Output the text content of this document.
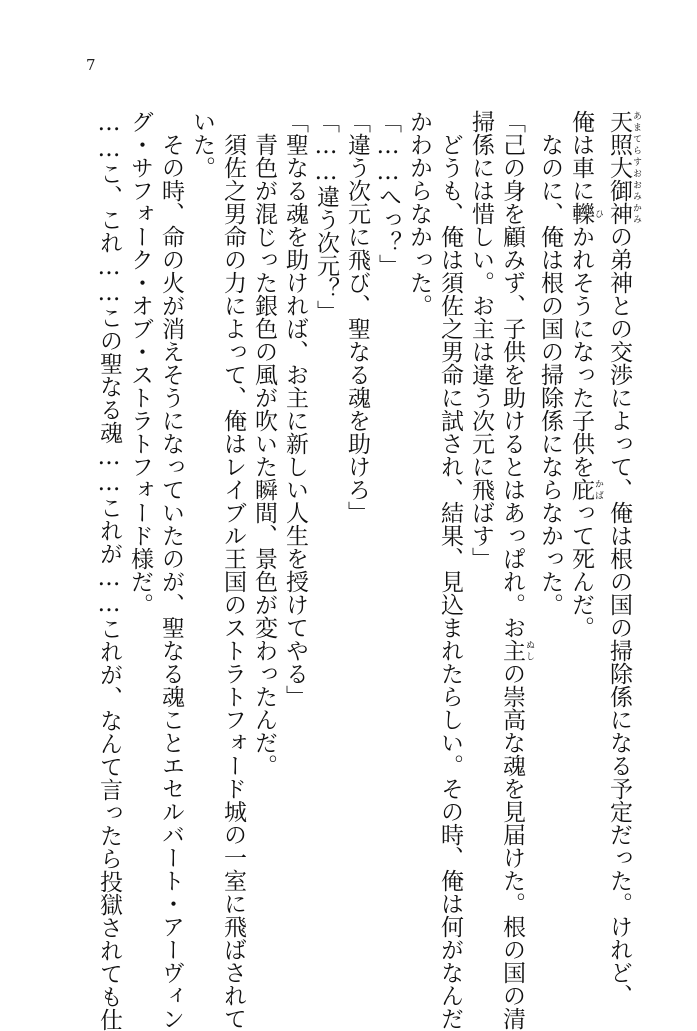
7

天照大御神 あまてらすおおみかみの弟神との交渉によって、俺は根の国の掃除係になる予定だった。けれど、

俺は車に轢 ひかれそうになった子供を庇 かばって死んだ。

　なのに、俺は根の国の掃除係にならなかった。

「己の身を顧みず、子供を助けるとはあっぱれ。お主 ぬしの崇高な魂を見届けた。根の国の清

掃係には惜しい。お主は違う次元に飛ばす」

　どうも、俺は須佐之男命に試され、結果、見込まれたらしい。その時、俺は何がなんだ

かわからなかった。

「……へっ？」

「違う次元に飛び、聖なる魂を助けろ」

「……違う次元？」

「聖なる魂を助ければ、お主に新しい人生を授けてやる」

　青色が混じった銀色の風が吹いた瞬間、景色が変わったんだ。

　須佐之男命の力によって、俺はレイブル王国のストラトフォード城の一室に飛ばされて

いた。

　その時、命の火が消えそうになっていたのが、聖なる魂ことエセルバート・アーヴィン

グ・サフォーク・オブ・ストラトフォード様だ。

……こ、これ……この聖なる魂……これが……これが、なんて言ったら投獄されても仕
